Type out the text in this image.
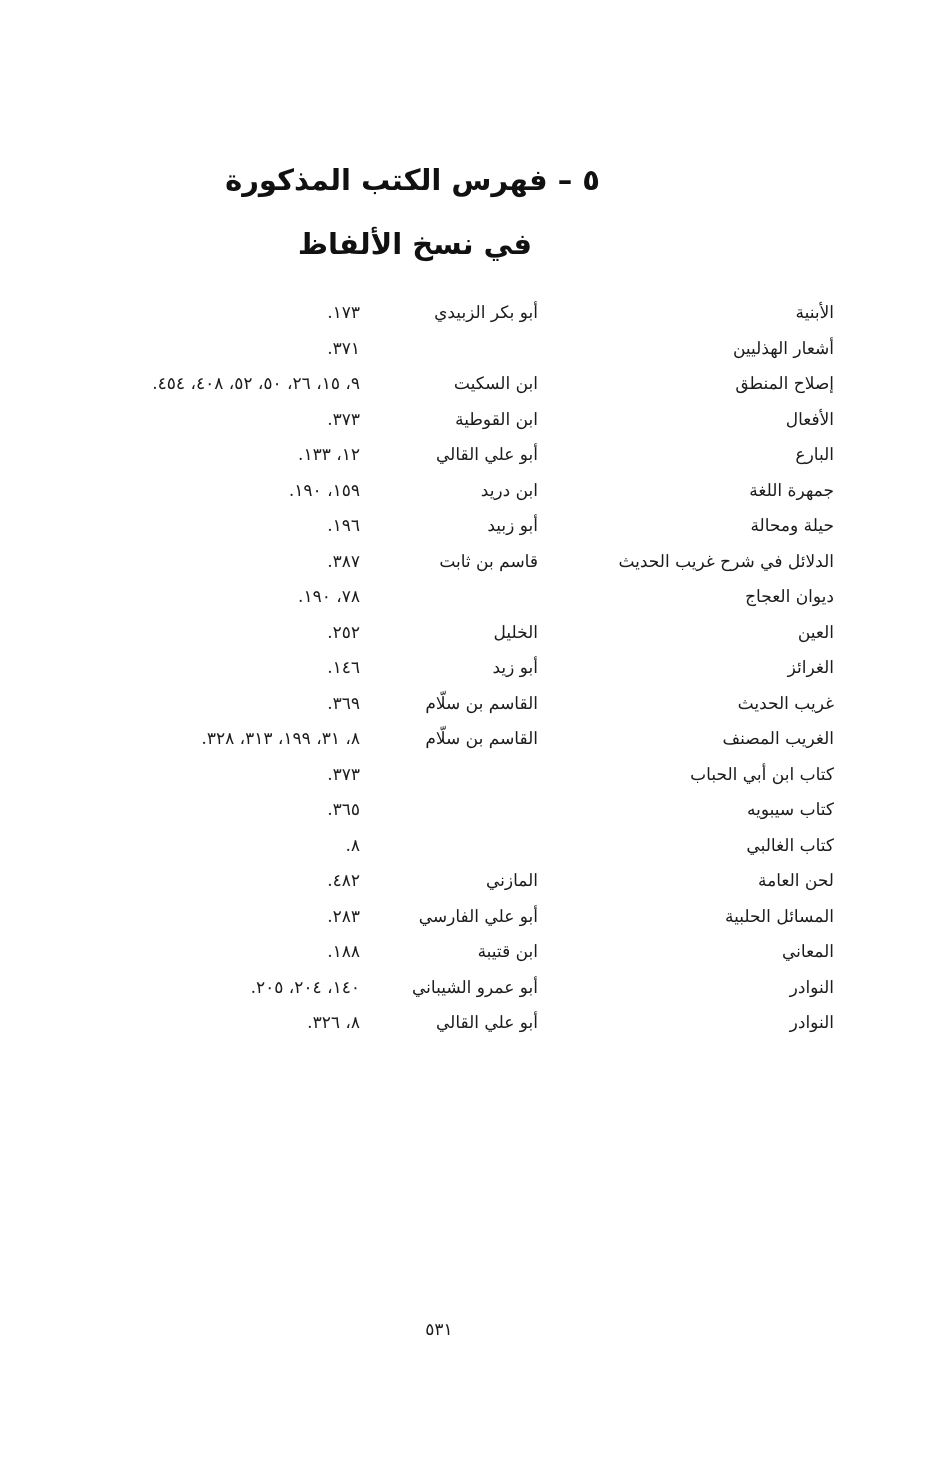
٥ – فهرس الكتب المذكورة
في نسخ الألفاظ
الأبنية
أبو بكر الزبيدي
١٧٣.
أشعار الهذليين
٣٧١.
إصلاح المنطق
ابن السكيت
٩، ١٥، ٢٦، ٥٠، ٥٢، ٤٠٨، ٤٥٤.
الأفعال
ابن القوطية
٣٧٣.
البارع
أبو علي القالي
١٢، ١٣٣.
جمهرة اللغة
ابن دريد
١٥٩، ١٩٠.
حيلة ومحالة
أبو زبيد
١٩٦.
الدلائل في شرح غريب الحديث
قاسم بن ثابت
٣٨٧.
ديوان العجاج
٧٨، ١٩٠.
العين
الخليل
٢٥٢.
الغرائز
أبو زيد
١٤٦.
غريب الحديث
القاسم بن سلّام
٣٦٩.
الغريب المصنف
القاسم بن سلّام
٨، ٣١، ١٩٩، ٣١٣، ٣٢٨.
كتاب ابن أبي الحباب
٣٧٣.
كتاب سيبويه
٣٦٥.
كتاب الغالبي
٨.
لحن العامة
المازني
٤٨٢.
المسائل الحلبية
أبو علي الفارسي
٢٨٣.
المعاني
ابن قتيبة
١٨٨.
النوادر
أبو عمرو الشيباني
١٤٠، ٢٠٤، ٢٠٥.
النوادر
أبو علي القالي
٨، ٣٢٦.
٥٣١
